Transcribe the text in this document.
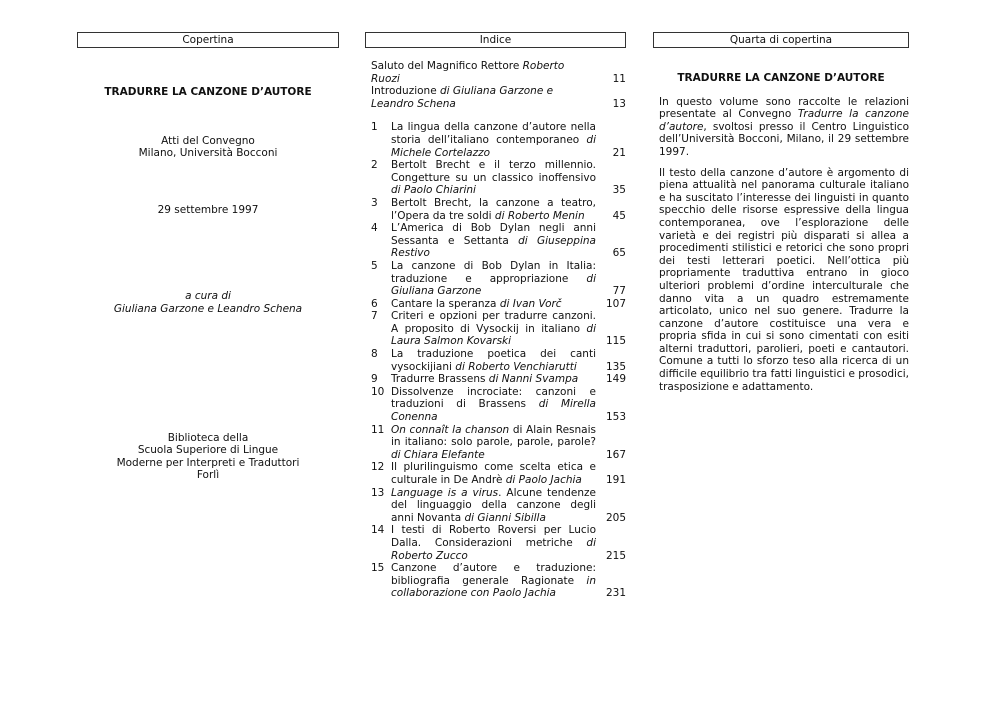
Copertina
TRADURRE LA CANZONE D’AUTORE
Atti del Convegno
Milano, Università Bocconi
29 settembre 1997
a cura di
Giuliana Garzone e Leandro Schena
Biblioteca della
Scuola Superiore di Lingue
Moderne per Interpreti e Traduttori
Forlì
Indice
Saluto del Magnifico Rettore Roberto Ruozi	11
Introduzione di Giuliana Garzone e Leandro Schena	13
1	La lingua della canzone d’autore nella storia dell’italiano contemporaneo di Michele Cortelazzo	21
2	Bertolt Brecht e il terzo millennio. Congetture su un classico inoffensivo di Paolo Chiarini	35
3	Bertolt Brecht, la canzone a teatro, l’Opera da tre soldi di Roberto Menin	45
4	L’America di Bob Dylan negli anni Sessanta e Settanta di Giuseppina Restivo	65
5	La canzone di Bob Dylan in Italia: traduzione e appropriazione di Giuliana Garzone	77
6	Cantare la speranza di Ivan Vorč	107
7	Criteri e opzioni per tradurre canzoni. A proposito di Vysockij in italiano di Laura Salmon Kovarski	115
8	La traduzione poetica dei canti vysockijiani di Roberto Venchiarutti	135
9	Tradurre Brassens di Nanni Svampa	149
10 Dissolvenze incrociate: canzoni e traduzioni di Brassens di Mirella Conenna	153
11 On connaît la chanson di Alain Resnais in italiano: solo parole, parole, parole? di Chiara Elefante	167
12 Il plurilinguismo come scelta etica e culturale in De Andrè di Paolo Jachia	191
13 Language is a virus. Alcune tendenze del linguaggio della canzone degli anni Novanta di Gianni Sibilla	205
14 I testi di Roberto Roversi per Lucio Dalla. Considerazioni metriche di Roberto Zucco	215
15 Canzone d’autore e traduzione: bibliografia generale Ragionate in collaborazione con Paolo Jachia	231
Quarta di copertina
TRADURRE LA CANZONE D’AUTORE
In questo volume sono raccolte le relazioni presentate al Convegno Tradurre la canzone d’autore, svoltosi presso il Centro Linguistico dell’Università Bocconi, Milano, il 29 settembre 1997.
Il testo della canzone d’autore è argomento di piena attualità nel panorama culturale italiano e ha suscitato l’interesse dei linguisti in quanto specchio delle risorse espressive della lingua contemporanea, ove l’esplorazione delle varietà e dei registri più disparati si allea a procedimenti stilistici e retorici che sono propri dei testi letterari poetici. Nell’ottica più propriamente traduttiva entrano in gioco ulteriori problemi d’ordine interculturale che danno vita a un quadro estremamente articolato, unico nel suo genere. Tradurre la canzone d’autore costituisce una vera e propria sfida in cui si sono cimentati con esiti alterni traduttori, parolieri, poeti e cantautori. Comune a tutti lo sforzo teso alla ricerca di un difficile equilibrio tra fatti linguistici e prosodici, trasposizione e adattamento.
